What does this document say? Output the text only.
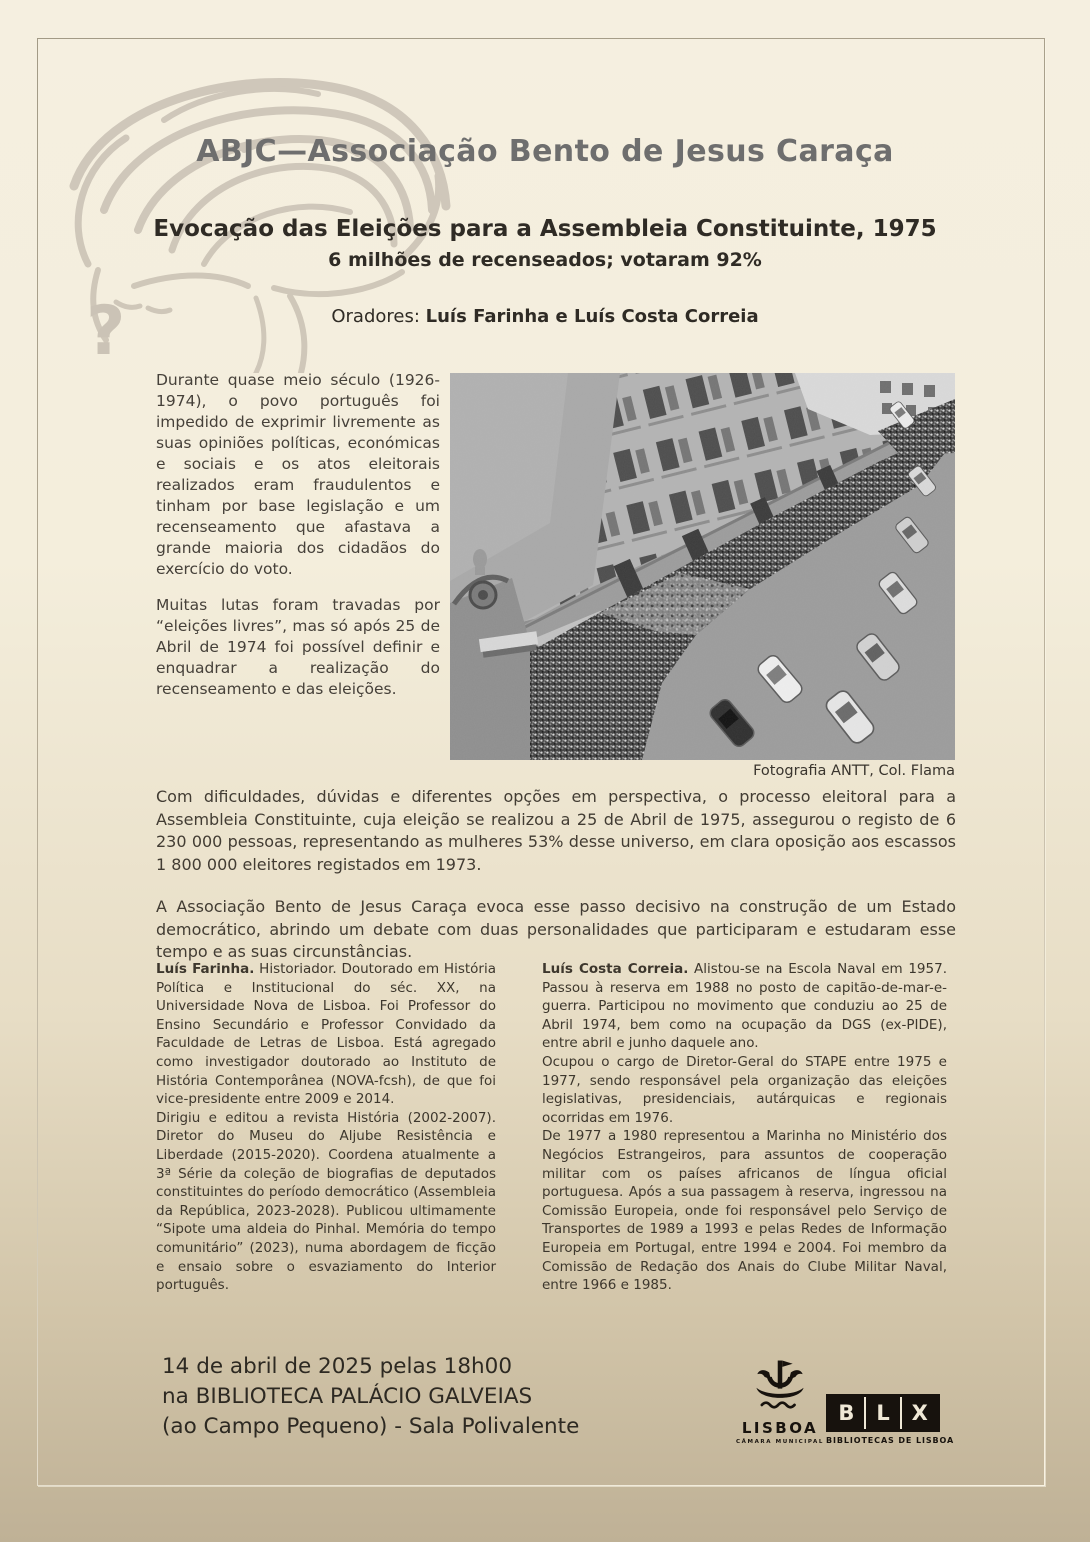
?
ABJC—Associação Bento de Jesus Caraça
Evocação das Eleições para a Assembleia Constituinte, 1975
6 milhões de recenseados; votaram 92%
Oradores: Luís Farinha e Luís Costa Correia

Durante quase meio século (1926-1974), o povo português foi impedido de exprimir livremente as suas opiniões políticas, económicas e sociais e os atos eleitorais realizados eram fraudulentos e tinham por base legislação e um recenseamento que afastava a grande maioria dos cidadãos do exercício do voto.

Muitas lutas foram travadas por “eleições livres”, mas só após 25 de Abril de 1974 foi possível definir e enquadrar a realização do recenseamento e das eleições.

Fotografia ANTT, Col. Flama

Com dificuldades, dúvidas e diferentes opções em perspectiva, o processo eleitoral para a Assembleia Constituinte, cuja eleição se realizou a 25 de Abril de 1975, assegurou o registo de 6 230 000 pessoas, representando as mulheres 53% desse universo, em clara oposição aos escassos 1 800 000 eleitores registados em 1973.

A Associação Bento de Jesus Caraça evoca esse passo decisivo na construção de um Estado democrático, abrindo um debate com duas personalidades que participaram e estudaram esse tempo e as suas circunstâncias.

Luís Farinha. Historiador. Doutorado em História Política e Institucional do séc. XX, na Universidade Nova de Lisboa. Foi Professor do Ensino Secundário e Professor Convidado da Faculdade de Letras de Lisboa. Está agregado como investigador doutorado ao Instituto de História Contemporânea (NOVA-fcsh), de que foi vice-presidente entre 2009 e 2014.

Dirigiu e editou a revista História (2002-2007). Diretor do Museu do Aljube Resistência e Liberdade (2015-2020). Coordena atualmente a 3ª Série da coleção de biografias de deputados constituintes do período democrático (Assembleia da República, 2023-2028). Publicou ultimamente “Sipote uma aldeia do Pinhal. Memória do tempo comunitário” (2023), numa abordagem de ficção e ensaio sobre o esvaziamento do Interior português.

Luís Costa Correia. Alistou-se na Escola Naval em 1957. Passou à reserva em 1988 no posto de capitão-de-mar-e-guerra. Participou no movimento que conduziu ao 25 de Abril 1974, bem como na ocupação da DGS (ex-PIDE), entre abril e junho daquele ano.

Ocupou o cargo de Diretor-Geral do STAPE entre 1975 e 1977, sendo responsável pela organização das eleições legislativas, presidenciais, autárquicas e regionais ocorridas em 1976.

De 1977 a 1980 representou a Marinha no Ministério dos Negócios Estrangeiros, para assuntos de cooperação militar com os países africanos de língua oficial portuguesa. Após a sua passagem à reserva, ingressou na Comissão Europeia, onde foi responsável pelo Serviço de Transportes de 1989 a 1993 e pelas Redes de Informação Europeia em Portugal, entre 1994 e 2004. Foi membro da Comissão de Redação dos Anais do Clube Militar Naval, entre 1966 e 1985.

14 de abril de 2025 pelas 18h00
na BIBLIOTECA PALÁCIO GALVEIAS
(ao Campo Pequeno) - Sala Polivalente	LISBOA
CÂMARA MUNICIPAL
B	L	X
BIBLIOTECAS DE LISBOA
